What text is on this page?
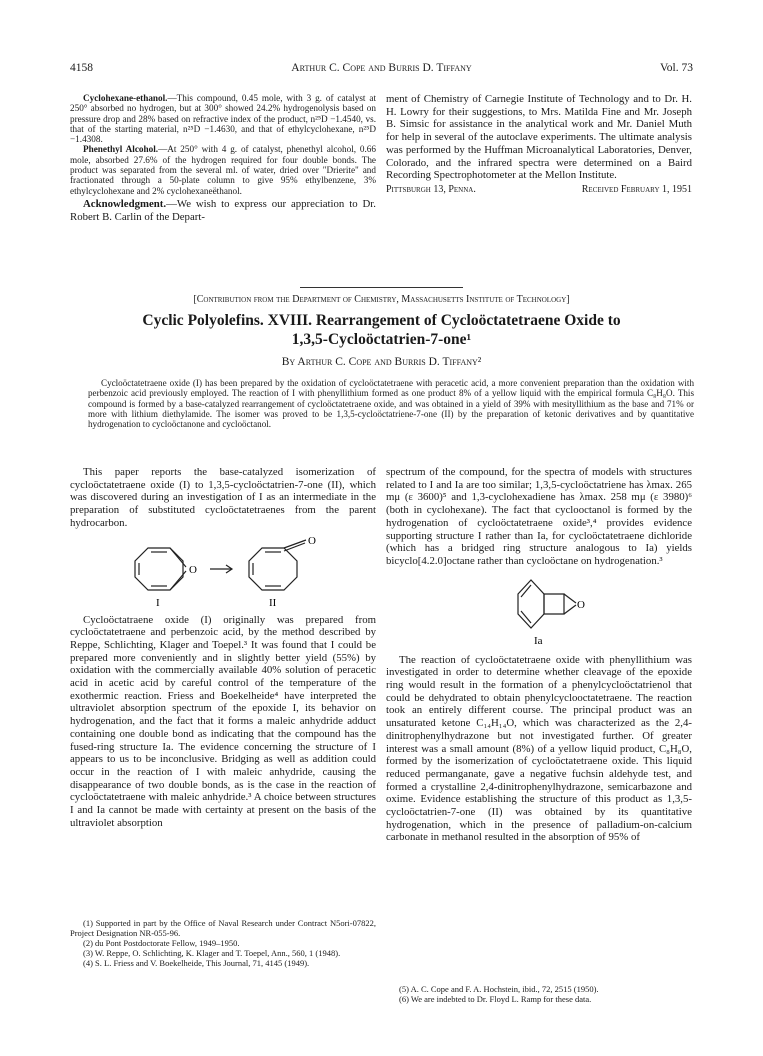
4158	Arthur C. Cope and Burris D. Tiffany	Vol. 73

Cyclohexane-ethanol.—This compound, 0.45 mole, with 3 g. of catalyst at 250° absorbed no hydrogen, but at 300° showed 24.2% hydrogenolysis based on pressure drop and 28% based on refractive index of the product, n²⁵D −1.4540, vs. that of the starting material, n²⁵D −1.4630, and that of ethylcyclohexane, n²⁵D −1.4308.

Phenethyl Alcohol.—At 250° with 4 g. of catalyst, phenethyl alcohol, 0.66 mole, absorbed 27.6% of the hydrogen required for four double bonds. The product was separated from the several ml. of water, dried over "Drierite" and fractionated through a 50-plate column to give 95% ethylbenzene, 3% ethylcyclohexane and 2% cyclohexaneëthanol.

Acknowledgment.—We wish to express our appreciation to Dr. Robert B. Carlin of the Depart-

ment of Chemistry of Carnegie Institute of Technology and to Dr. H. H. Lowry for their suggestions, to Mrs. Matilda Fine and Mr. Joseph B. Simsic for assistance in the analytical work and Mr. Daniel Muth for help in several of the autoclave experiments. The ultimate analysis was performed by the Huffman Microanalytical Laboratories, Denver, Colorado, and the infrared spectra were determined on a Baird Recording Spectrophotometer at the Mellon Institute.

Pittsburgh 13, Penna.	Received February 1, 1951
[Contribution from the Department of Chemistry, Massachusetts Institute of Technology]
Cyclic Polyolefins. XVIII. Rearrangement of Cycloöctatetraene Oxide to
1,3,5-Cycloöctatrien-7-one¹
By Arthur C. Cope and Burris D. Tiffany²
Cycloöctatetraene oxide (I) has been prepared by the oxidation of cycloöctatetraene with peracetic acid, a more convenient preparation than the oxidation with perbenzoic acid previously employed. The reaction of I with phenyllithium formed as one product 8% of a yellow liquid with the empirical formula C₈H₈O. This compound is formed by a base-catalyzed rearrangement of cycloöctatetraene oxide, and was obtained in a yield of 39% with mesityllithium as the base and 71% or more with lithium diethylamide. The isomer was proved to be 1,3,5-cycloöctatriene-7-one (II) by the preparation of ketonic derivatives and by quantitative hydrogenation to cycloöctanone and cycloöctanol.

This paper reports the base-catalyzed isomerization of cycloöctatetraene oxide (I) to 1,3,5-cycloöctatrien-7-one (II), which was discovered during an investigation of I as an intermediate in the preparation of substituted cycloöctatetraenes from the parent hydrocarbon.

O
O
I	II

Cycloöctatraene oxide (I) originally was prepared from cycloöctatetraene and perbenzoic acid, by the method described by Reppe, Schlichting, Klager and Toepel.³ It was found that I could be prepared more conveniently and in slightly better yield (55%) by oxidation with the commercially available 40% solution of peracetic acid in acetic acid by careful control of the temperature of the exothermic reaction. Friess and Boekelheide⁴ have interpreted the ultraviolet absorption spectrum of the epoxide I, its behavior on hydrogenation, and the fact that it forms a maleic anhydride adduct containing one double bond as indicating that the compound has the fused-ring structure Ia. The evidence concerning the structure of I appears to us to be inconclusive. Bridging as well as addition could occur in the reaction of I with maleic anhydride, causing the disappearance of two double bonds, as is the case in the reaction of cycloöctatetraene with maleic anhydride.³ A choice between structures I and Ia cannot be made with certainty at present on the basis of the ultraviolet absorption

spectrum of the compound, for the spectra of models with structures related to I and Ia are too similar; 1,3,5-cycloöctatriene has λmax. 265 mμ (ε 3600)⁵ and 1,3-cyclohexadiene has λmax. 258 mμ (ε 3980)⁶ (both in cyclohexane). The fact that cyclooctanol is formed by the hydrogenation of cycloöctatetraene oxide³,⁴ provides evidence supporting structure I rather than Ia, for cycloöctatetraene dichloride (which has a bridged ring structure analogous to Ia) yields bicyclo[4.2.0]octane rather than cycloöctane on hydrogenation.³

O
Ia

The reaction of cycloöctatetraene oxide with phenyllithium was investigated in order to determine whether cleavage of the epoxide ring would result in the formation of a phenylcycloöctatrienol that could be dehydrated to obtain phenylcyclooctatetraene. The reaction took an entirely different course. The principal product was an unsaturated ketone C₁₄H₁₄O, which was characterized as the 2,4-dinitrophenylhydrazone but not investigated further. Of greater interest was a small amount (8%) of a yellow liquid product, C₈H₈O, formed by the isomerization of cycloöctatetraene oxide. This liquid reduced permanganate, gave a negative fuchsin aldehyde test, and formed a crystalline 2,4-dinitrophenylhydrazone, semicarbazone and oxime. Evidence establishing the structure of this product as 1,3,5-cycloöctatrien-7-one (II) was obtained by its quantitative hydrogenation, which in the presence of palladium-on-calcium carbonate in methanol resulted in the absorption of 95% of

(1) Supported in part by the Office of Naval Research under Contract N5ori-07822, Project Designation NR-055-96.

(2) du Pont Postdoctorate Fellow, 1949–1950.

(3) W. Reppe, O. Schlichting, K. Klager and T. Toepel, Ann., 560, 1 (1948).

(4) S. L. Friess and V. Boekelheide, This Journal, 71, 4145 (1949).

(5) A. C. Cope and F. A. Hochstein, ibid., 72, 2515 (1950).

(6) We are indebted to Dr. Floyd L. Ramp for these data.
